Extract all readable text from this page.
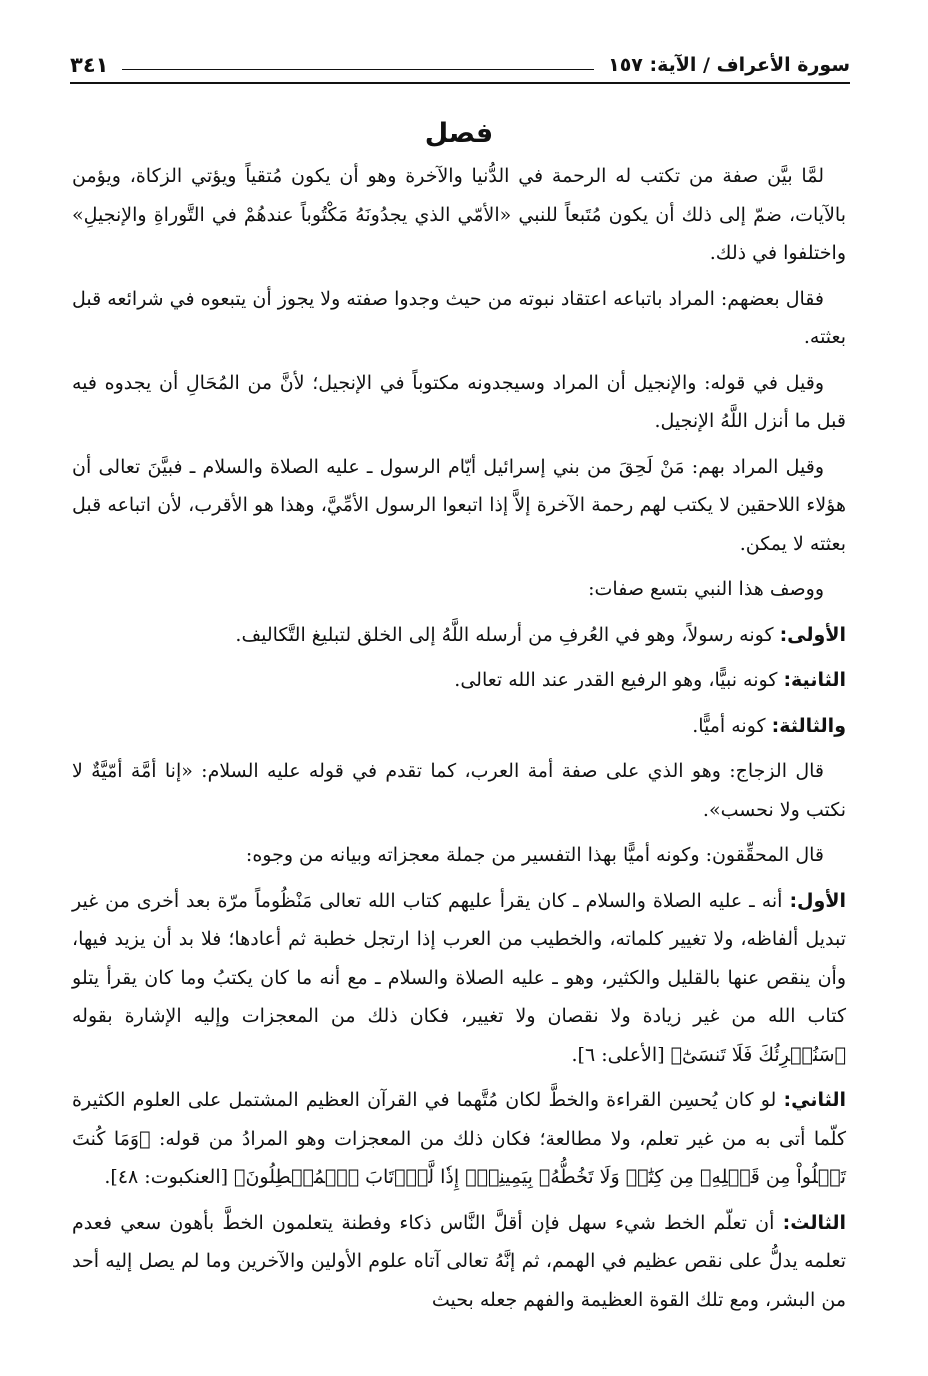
سورة الأعراف / الآية: ١٥٧
٣٤١
فصل

لمَّا بيَّن صفة من تكتب له الرحمة في الدُّنيا والآخرة وهو أن يكون مُتقياً ويؤتي الزكاة، ويؤمن بالآيات، ضمّ إلى ذلك أن يكون مُتَبعاً للنبي «الأمّي الذي يجدُونَهُ مَكْتُوباً عندهُمْ في التَّوراةِ والإنجيلِ» واختلفوا في ذلك.

فقال بعضهم: المراد باتباعه اعتقاد نبوته من حيث وجدوا صفته ولا يجوز أن يتبعوه في شرائعه قبل بعثته.

وقيل في قوله: والإنجيل أن المراد وسيجدونه مكتوباً في الإنجيل؛ لأنَّ من المُحَالِ أن يجدوه فيه قبل ما أنزل اللَّهُ الإنجيل.

وقيل المراد بهم: مَنْ لَحِقَ من بني إسرائيل أيّام الرسول ـ عليه الصلاة والسلام ـ فبيَّنَ تعالى أن هؤلاء اللاحقين لا يكتب لهم رحمة الآخرة إلاَّ إذا اتبعوا الرسول الأمِّيَّ، وهذا هو الأقرب، لأن اتباعه قبل بعثته لا يمكن.

ووصف هذا النبي بتسع صفات:

الأولى: كونه رسولاً، وهو في العُرفِ من أرسله اللَّهُ إلى الخلق لتبليغ التَّكاليف.

الثانية: كونه نبيًّا، وهو الرفيع القدر عند الله تعالى.

والثالثة: كونه أميًّا.

قال الزجاج: وهو الذي على صفة أمة العرب، كما تقدم في قوله عليه السلام: «إنا أمَّة أمّيَّةٌ لا نكتب ولا نحسب».

قال المحقِّقون: وكونه أميًّا بهذا التفسير من جملة معجزاته وبيانه من وجوه:

الأول: أنه ـ عليه الصلاة والسلام ـ كان يقرأ عليهم كتاب الله تعالى مَنْظُوماً مرّة بعد أخرى من غير تبديل ألفاظه، ولا تغيير كلماته، والخطيب من العرب إذا ارتجل خطبة ثم أعادها؛ فلا بد أن يزيد فيها، وأن ينقص عنها بالقليل والكثير، وهو ـ عليه الصلاة والسلام ـ مع أنه ما كان يكتبُ وما كان يقرأ يتلو كتاب الله من غير زيادة ولا نقصان ولا تغيير، فكان ذلك من المعجزات وإليه الإشارة بقوله ﴿سَنُقۡرِئُكَ فَلَا تَنسَىٰٓ﴾ [الأعلى: ٦].

الثاني: لو كان يُحسِن القراءة والخطَّ لكان مُتَّهما في القرآن العظيم المشتمل على العلوم الكثيرة كلّما أتى به من غير تعلم، ولا مطالعة؛ فكان ذلك من المعجزات وهو المرادُ من قوله: ﴿وَمَا كُنتَ تَتۡلُواْ مِن قَبۡلِهِۦ مِن كِتَٰبٖ وَلَا تَخُطُّهُۥ بِيَمِينِكَۖ إِذٗا لَّٱرۡتَابَ ٱلۡمُبۡطِلُونَ﴾ [العنكبوت: ٤٨].

الثالث: أن تعلّم الخط شيء سهل فإن أقلَّ النَّاس ذكاء وفطنة يتعلمون الخطَّ بأهون سعي فعدم تعلمه يدلُّ على نقص عظيم في الهمم، ثم إنَّهُ تعالى آتاه علوم الأولين والآخرين وما لم يصل إليه أحد من البشر، ومع تلك القوة العظيمة والفهم جعله بحيث
